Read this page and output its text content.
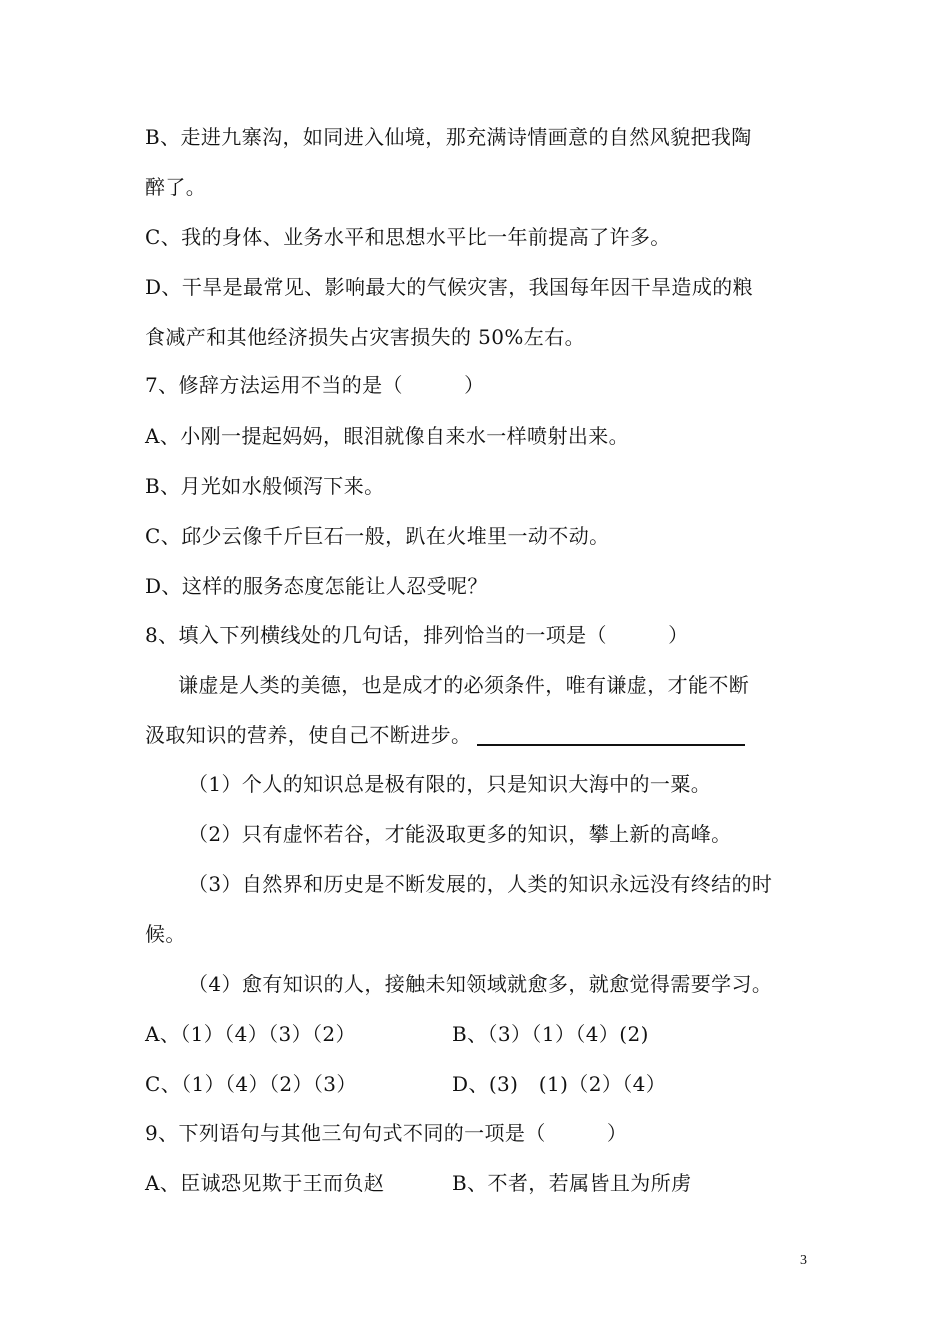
B、走进九寨沟，如同进入仙境，那充满诗情画意的自然风貌把我陶
醉了。
C、我的身体、业务水平和思想水平比一年前提高了许多。
D、干旱是最常见、影响最大的气候灾害，我国每年因干旱造成的粮
食减产和其他经济损失占灾害损失的 50%左右。
7、修辞方法运用不当的是（　　　）
A、小刚一提起妈妈，眼泪就像自来水一样喷射出来。
B、月光如水般倾泻下来。
C、邱少云像千斤巨石一般，趴在火堆里一动不动。
D、这样的服务态度怎能让人忍受呢？
8、填入下列横线处的几句话，排列恰当的一项是（　　　）
谦虚是人类的美德，也是成才的必须条件，唯有谦虚，才能不断
汲取知识的营养，使自己不断进步。
（1）个人的知识总是极有限的，只是知识大海中的一粟。
（2）只有虚怀若谷，才能汲取更多的知识，攀上新的高峰。
（3）自然界和历史是不断发展的，人类的知识永远没有终结的时
候。
（4）愈有知识的人，接触未知领域就愈多，就愈觉得需要学习。
A、（1）（4）（3）（2）	B、（3）（1）（4）(2)
C、（1）（4）（2）（3）	D、(3)　(1)（2）（4）
9、下列语句与其他三句句式不同的一项是（　　　）
A、臣诚恐见欺于王而负赵	B、不者，若属皆且为所虏
3
